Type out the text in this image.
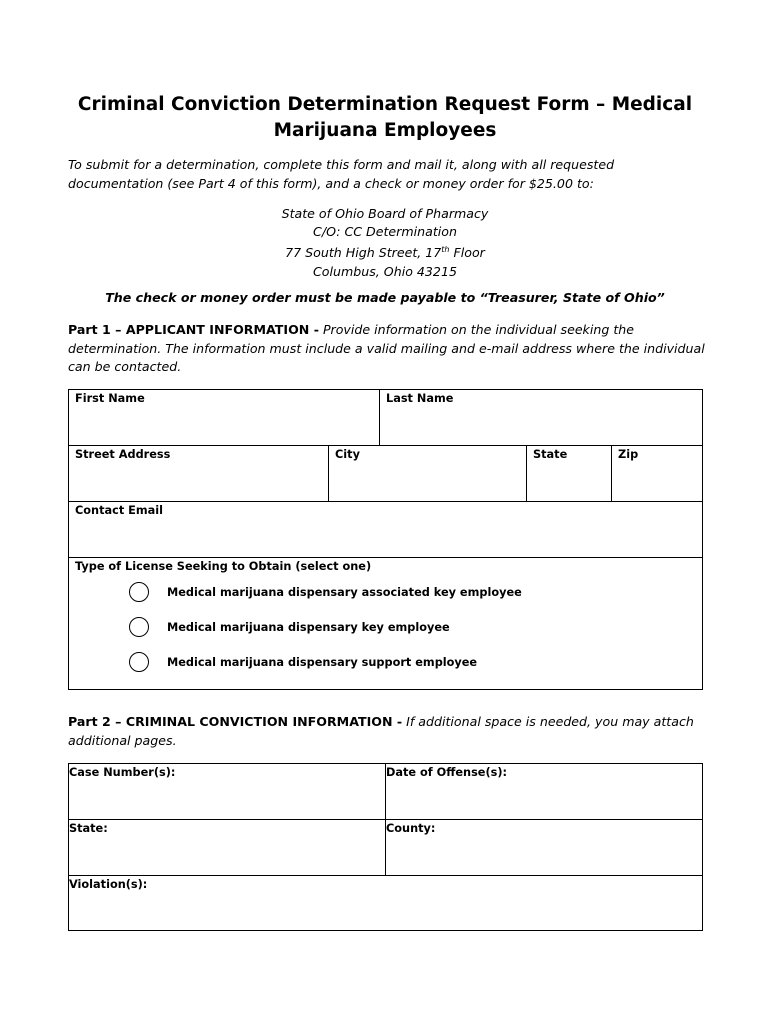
Criminal Conviction Determination Request Form – Medical Marijuana Employees
To submit for a determination, complete this form and mail it, along with all requested documentation (see Part 4 of this form), and a check or money order for $25.00 to:
State of Ohio Board of Pharmacy
C/O: CC Determination
77 South High Street, 17th Floor
Columbus, Ohio 43215
The check or money order must be made payable to “Treasurer, State of Ohio”
Part 1 – APPLICANT INFORMATION - Provide information on the individual seeking the determination. The information must include a valid mailing and e-mail address where the individual can be contacted.
First Name		Last Name		

Street Address	City		State	Zip

Contact Email				

Type of License Seeking to Obtain (select one)
Medical marijuana dispensary associated key employee
Medical marijuana dispensary key employee
Medical marijuana dispensary support employee				
Part 2 – CRIMINAL CONVICTION INFORMATION - If additional space is needed, you may attach additional pages.
Case Number(s):	Date of Offense(s):

State:	County:

Violation(s):	
